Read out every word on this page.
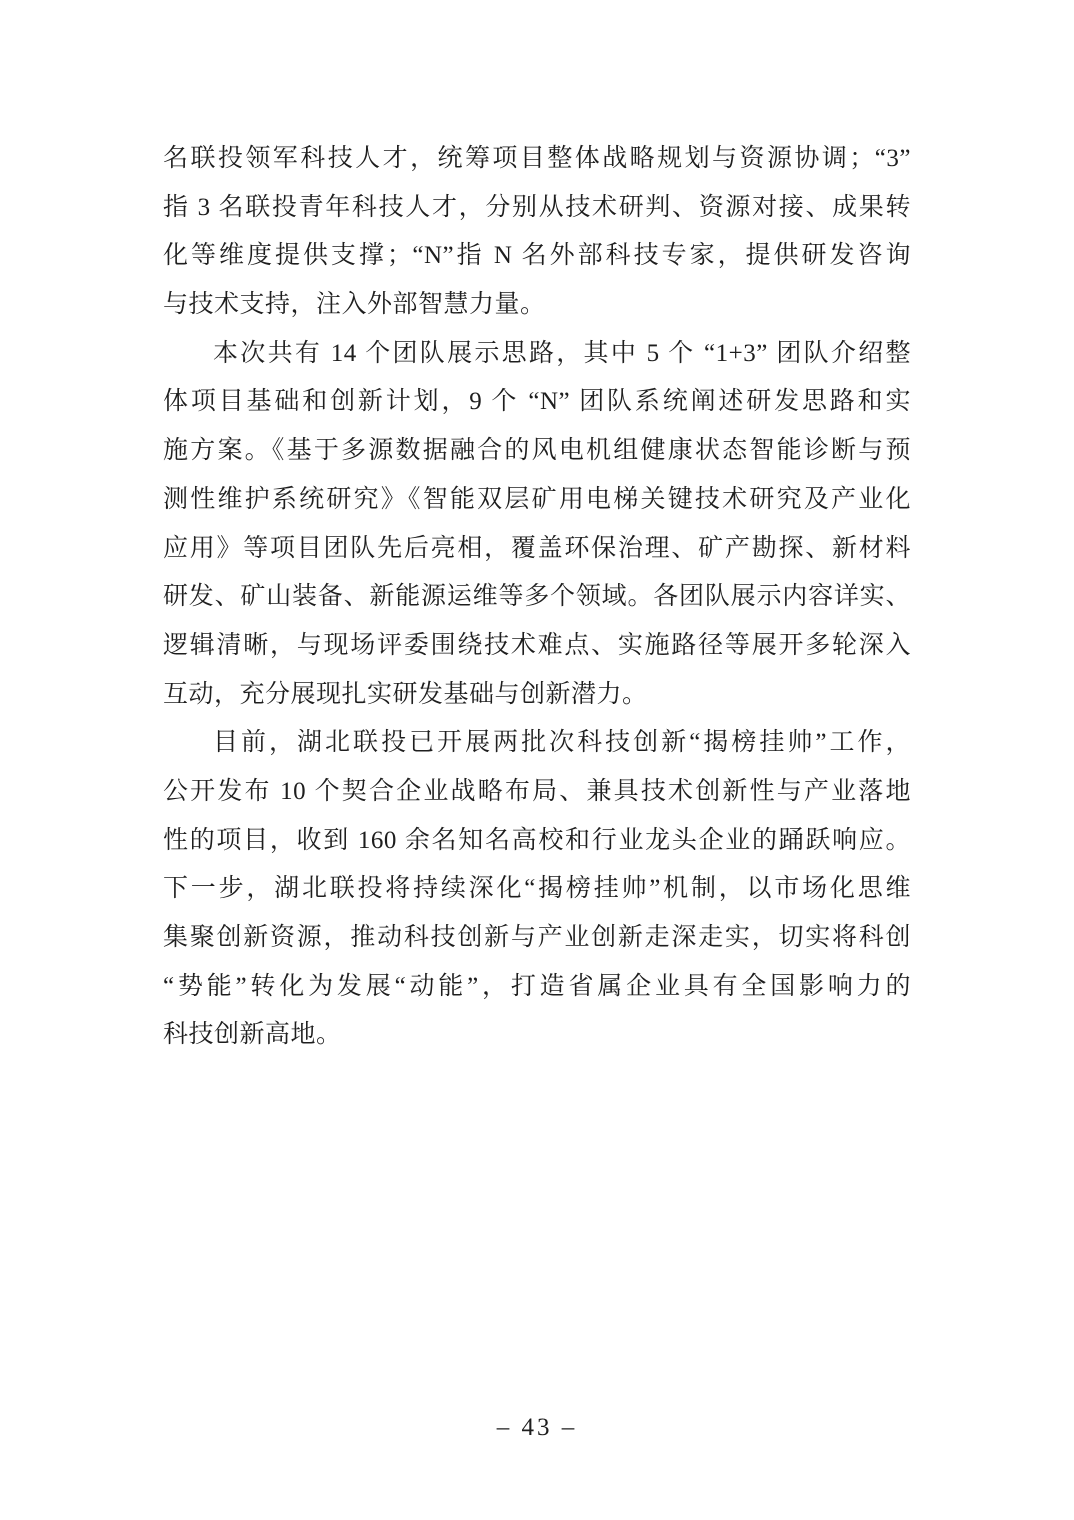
名联投领军科技人才，统筹项目整体战略规划与资源协调；“3”
指 3 名联投青年科技人才，分别从技术研判、资源对接、成果转
化等维度提供支撑；“N”指 N 名外部科技专家，提供研发咨询
与技术支持，注入外部智慧力量。
本次共有 14 个团队展示思路，其中 5 个 “1+3” 团队介绍整
体项目基础和创新计划，9 个 “N” 团队系统阐述研发思路和实
施方案。《基于多源数据融合的风电机组健康状态智能诊断与预
测性维护系统研究》《智能双层矿用电梯关键技术研究及产业化
应用》等项目团队先后亮相，覆盖环保治理、矿产勘探、新材料
研发、矿山装备、新能源运维等多个领域。各团队展示内容详实、
逻辑清晰，与现场评委围绕技术难点、实施路径等展开多轮深入
互动，充分展现扎实研发基础与创新潜力。
目前，湖北联投已开展两批次科技创新“揭榜挂帅”工作，
公开发布 10 个契合企业战略布局、兼具技术创新性与产业落地
性的项目，收到 160 余名知名高校和行业龙头企业的踊跃响应。
下一步，湖北联投将持续深化“揭榜挂帅”机制，以市场化思维
集聚创新资源，推动科技创新与产业创新走深走实，切实将科创
“势能”转化为发展“动能”，打造省属企业具有全国影响力的
科技创新高地。
– 43 –
